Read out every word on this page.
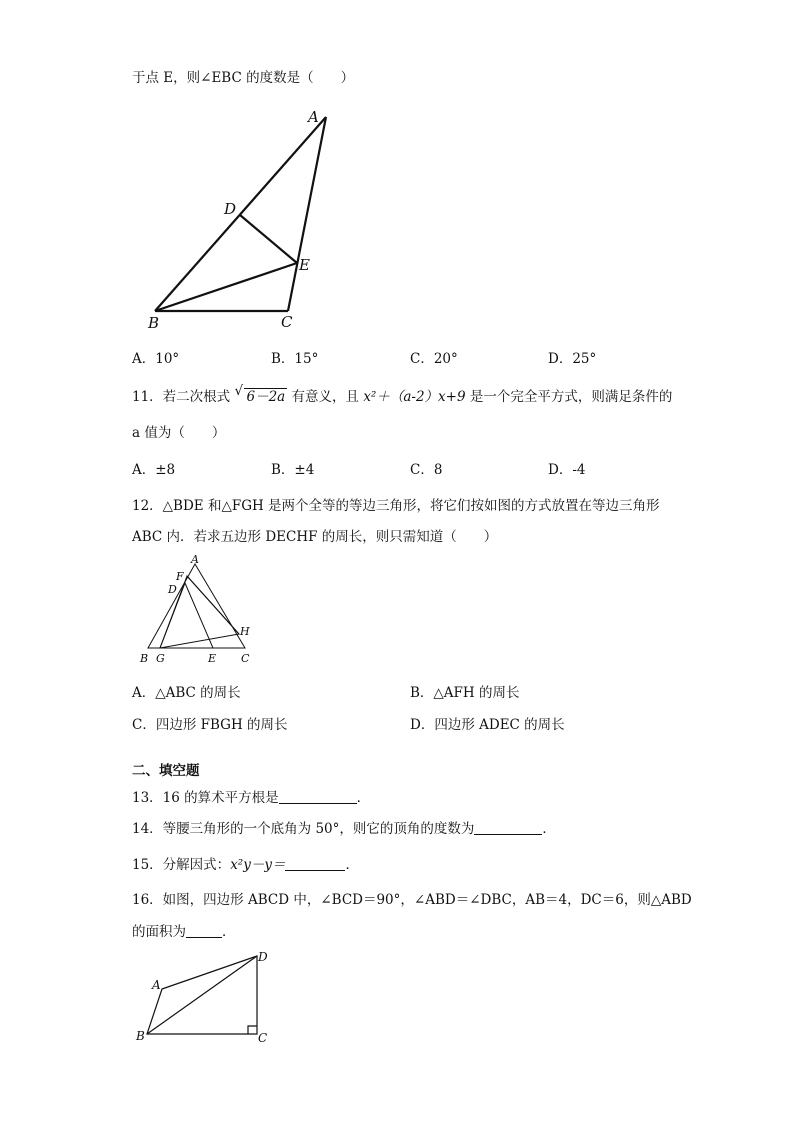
于点 E，则∠EBC 的度数是（　　）
A
D
E
B	C
A
F
D
H
B G	E C
D
A
B	C
A．10°	B．15°	C．20°	D．25°
11．若二次根式 √ 6－2a 有意义，且 x²＋（a-2）x+9 是一个完全平方式，则满足条件的
a 值为（　　）
A．±8	B．±4	C．8	D．-4
12．△BDE 和△FGH 是两个全等的等边三角形，将它们按如图的方式放置在等边三角形
ABC 内．若求五边形 DECHF 的周长，则只需知道（　　）
A．△ABC 的周长	B．△AFH 的周长
C．四边形 FBGH 的周长	D．四边形 ADEC 的周长
二、填空题
13．16 的算术平方根是	．
14．等腰三角形的一个底角为 50°，则它的顶角的度数为	．
15．分解因式：x²y－y＝	．
16．如图，四边形 ABCD 中，∠BCD＝90°，∠ABD＝∠DBC，AB＝4，DC＝6，则△ABD
的面积为	．
